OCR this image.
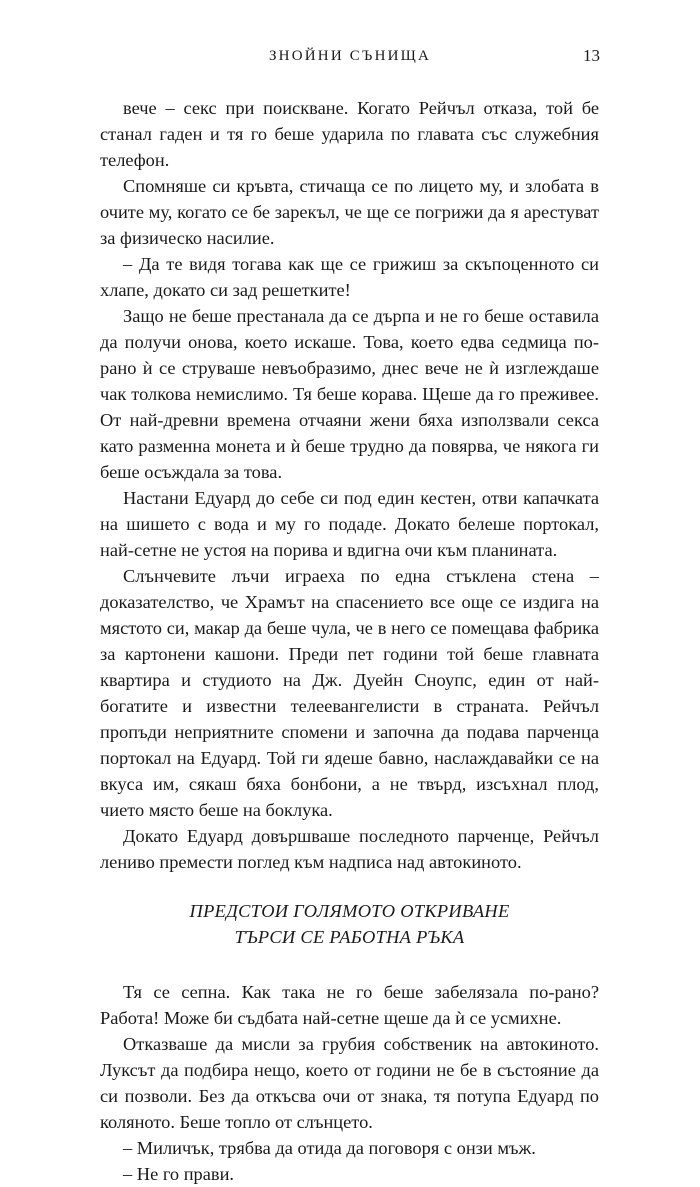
ЗНОЙНИ СЪНИЩА	13

вече – секс при поискване. Когато Рейчъл отказа, той бе станал гаден и тя го беше ударила по главата със служебния телефон.

Спомняше си кръвта, стичаща се по лицето му, и злобата в очите му, когато се бе зарекъл, че ще се погрижи да я арестуват за физическо насилие.

– Да те видя тогава как ще се грижиш за скъпоценното си хлапе, докато си зад решетките!

Защо не беше престанала да се дърпа и не го беше оставила да получи онова, което искаше. Това, което едва седмица по-рано ѝ се струваше невъобразимо, днес вече не ѝ изглеждаше чак толкова немислимо. Тя беше корава. Щеше да го преживее. От най-древни времена отчаяни жени бяха използвали секса като разменна монета и ѝ беше трудно да повярва, че някога ги беше осъждала за това.

Настани Едуард до себе си под един кестен, отви капачката на шишето с вода и му го подаде. Докато белеше портокал, най-сетне не устоя на порива и вдигна очи към планината.

Слънчевите лъчи играеха по една стъклена стена – доказателство, че Храмът на спасението все още се издига на мястото си, макар да беше чула, че в него се помещава фабрика за картонени кашони. Преди пет години той беше главната квартира и студиото на Дж. Дуейн Сноупс, един от най-богатите и известни телеевангелисти в страната. Рейчъл пропъди неприятните спомени и започна да подава парченца портокал на Едуард. Той ги ядеше бавно, наслаждавайки се на вкуса им, сякаш бяха бонбони, а не твърд, изсъхнал плод, чието място беше на боклука.

Докато Едуард довършваше последното парченце, Рейчъл лениво премести поглед към надписа над автокиното.

ПРЕДСТОИ ГОЛЯМОТО ОТКРИВАНЕ
ТЪРСИ СЕ РАБОТНА РЪКА

Тя се сепна. Как така не го беше забелязала по-рано? Работа! Може би съдбата най-сетне щеше да ѝ се усмихне.

Отказваше да мисли за грубия собственик на автокиното. Луксът да подбира нещо, което от години не бе в състояние да си позволи. Без да откъсва очи от знака, тя потупа Едуард по коляното. Беше топло от слънцето.

– Миличък, трябва да отида да поговоря с онзи мъж.

– Не го прави.
